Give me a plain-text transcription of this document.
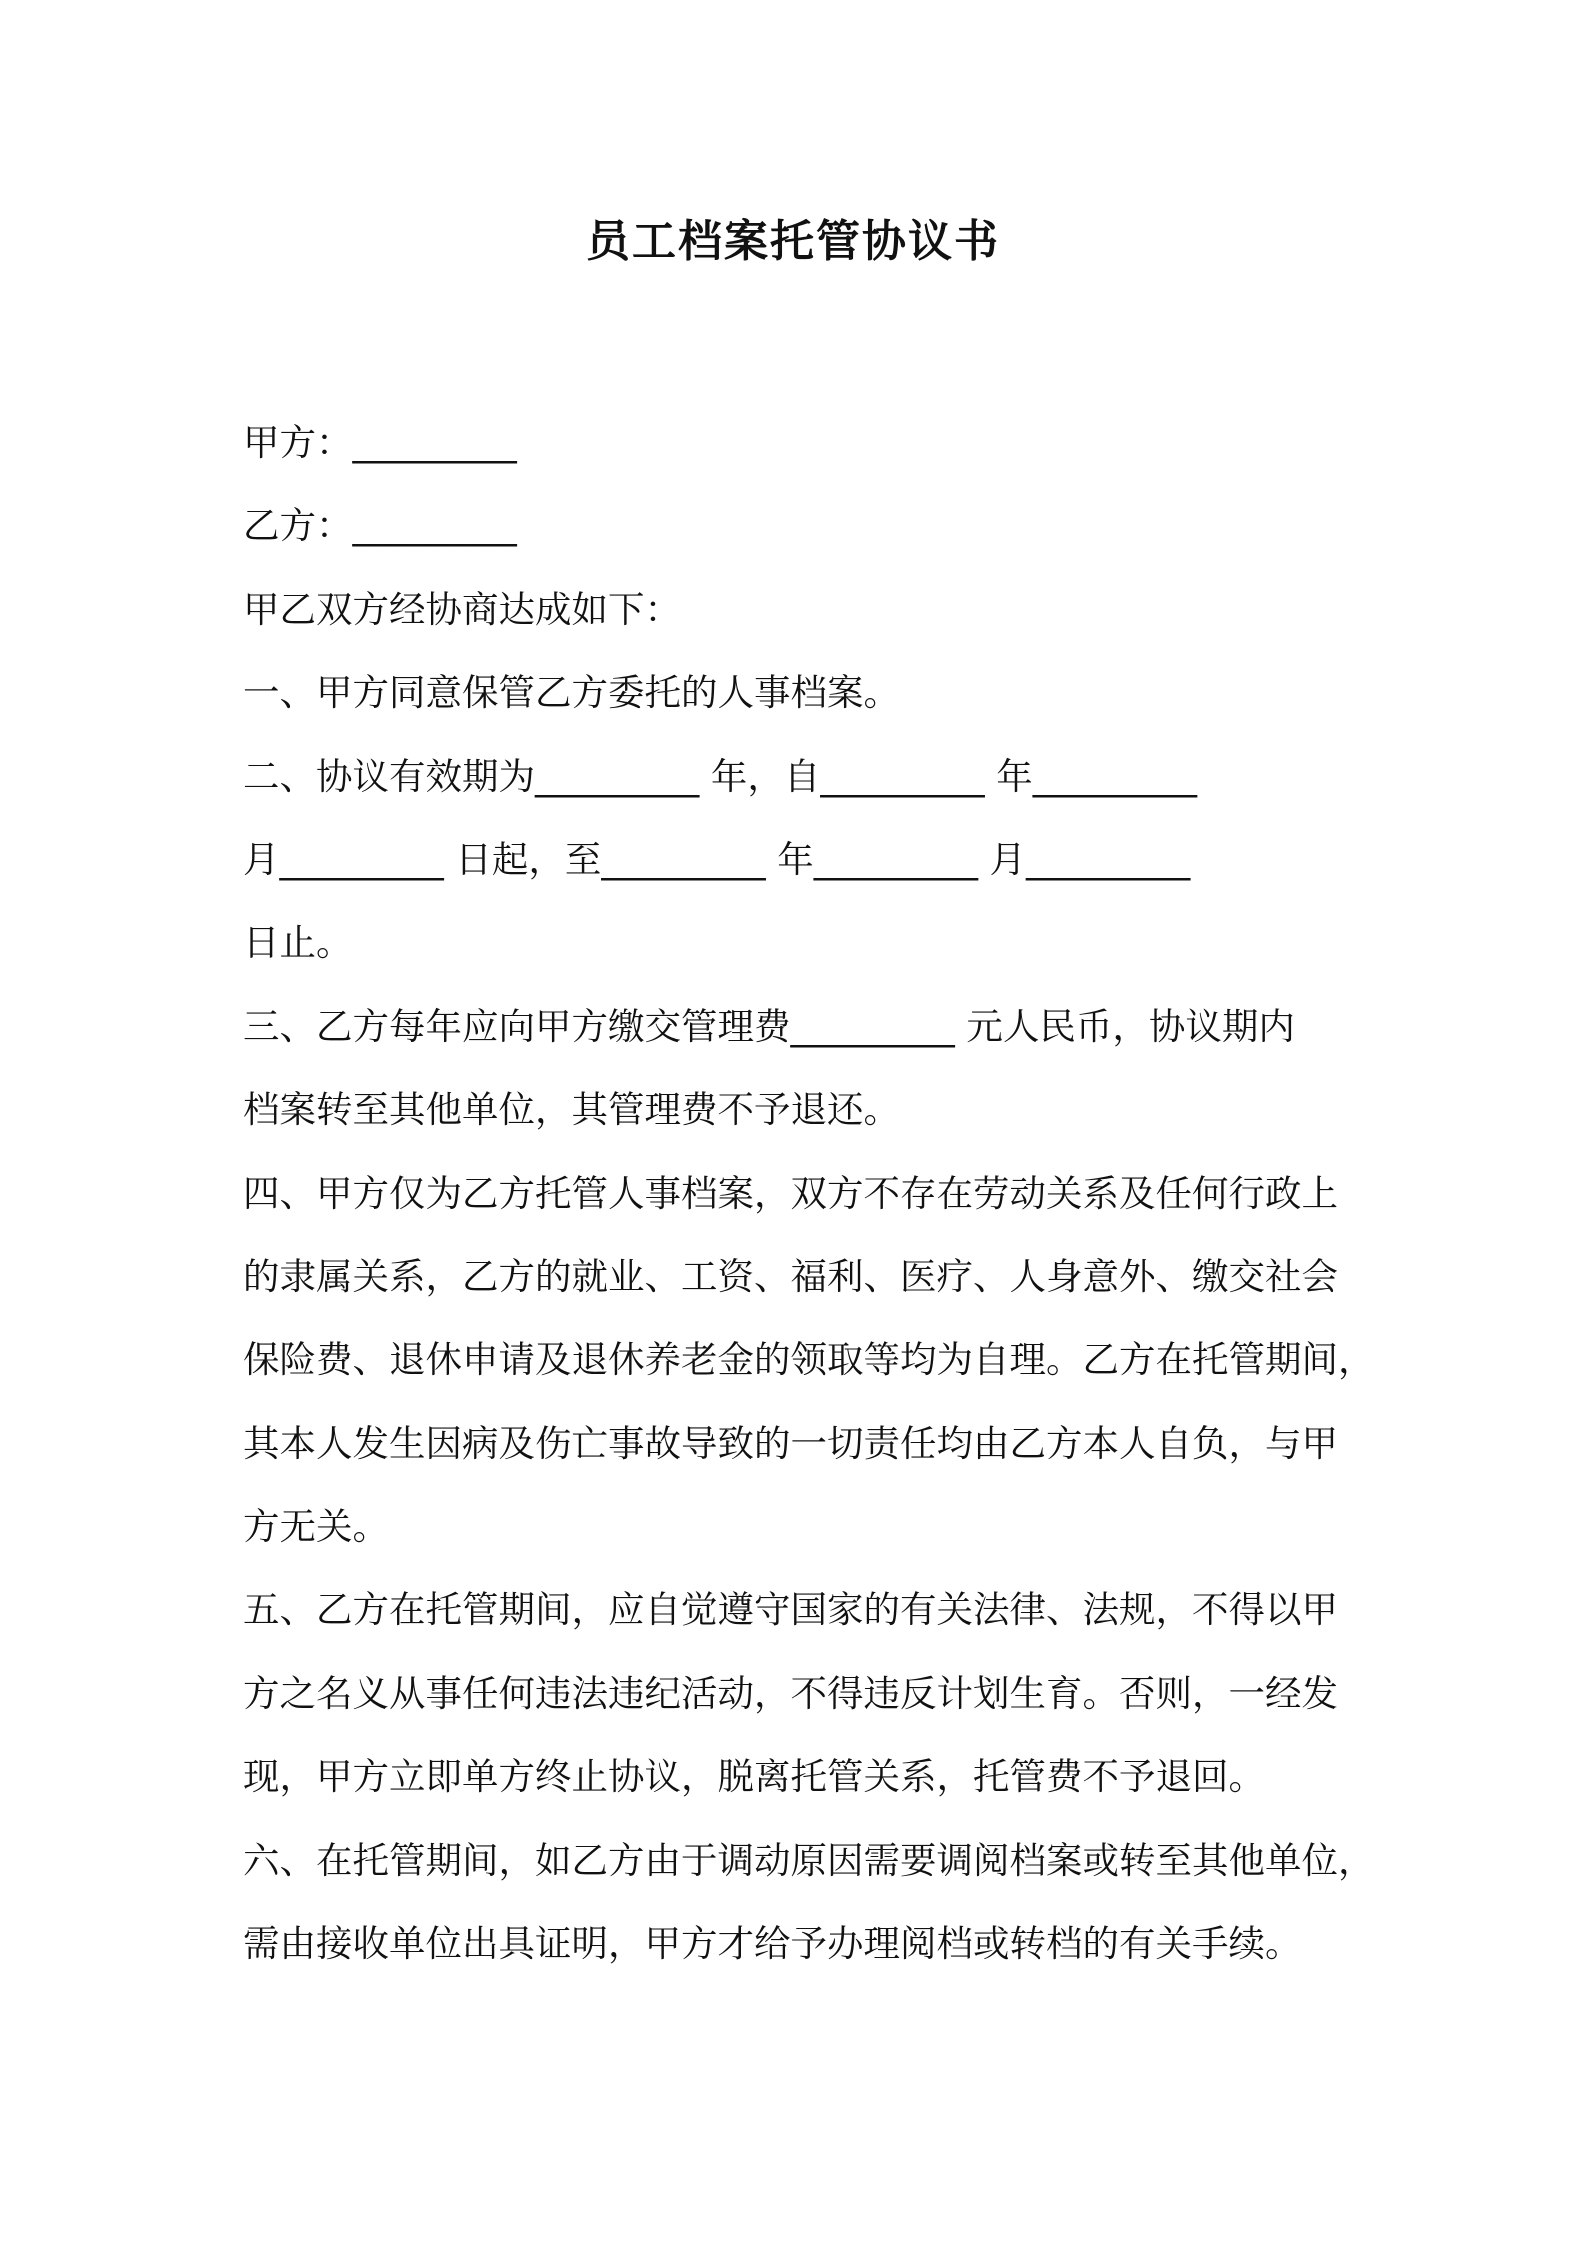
员工档案托管协议书
甲方：_________
乙方：_________
甲乙双方经协商达成如下：
一、甲方同意保管乙方委托的人事档案。
二、协议有效期为_________ 年，自_________ 年_________
月_________ 日起，至_________ 年_________ 月_________
日止。
三、乙方每年应向甲方缴交管理费_________ 元人民币，协议期内
档案转至其他单位，其管理费不予退还。
四、甲方仅为乙方托管人事档案，双方不存在劳动关系及任何行政上
的隶属关系，乙方的就业、工资、福利、医疗、人身意外、缴交社会
保险费、退休申请及退休养老金的领取等均为自理。乙方在托管期间，
其本人发生因病及伤亡事故导致的一切责任均由乙方本人自负，与甲
方无关。
五、乙方在托管期间，应自觉遵守国家的有关法律、法规，不得以甲
方之名义从事任何违法违纪活动，不得违反计划生育。否则，一经发
现，甲方立即单方终止协议，脱离托管关系，托管费不予退回。
六、在托管期间，如乙方由于调动原因需要调阅档案或转至其他单位，
需由接收单位出具证明，甲方才给予办理阅档或转档的有关手续。
